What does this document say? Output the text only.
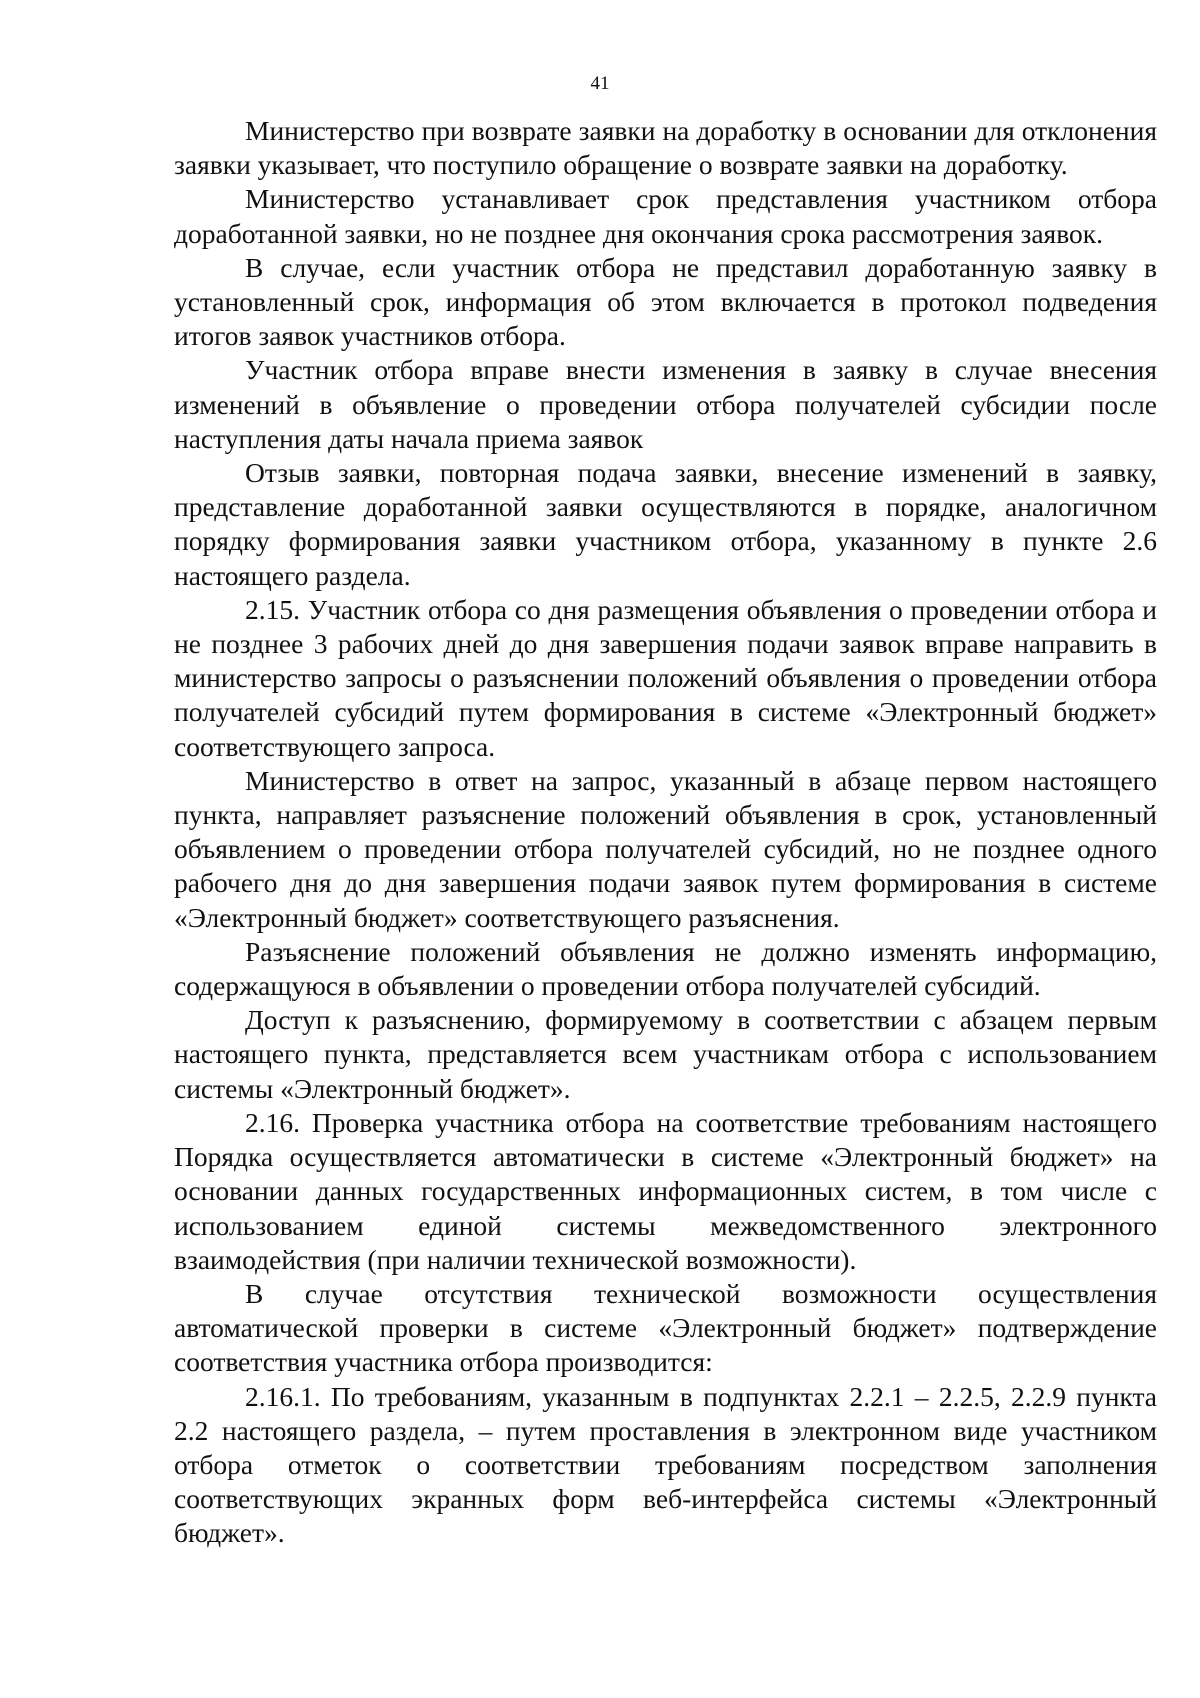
41

Министерство при возврате заявки на доработку в основании для отклонения заявки указывает, что поступило обращение о возврате заявки на доработку.

Министерство устанавливает срок представления участником отбора доработанной заявки, но не позднее дня окончания срока рассмотрения заявок.

В случае, если участник отбора не представил доработанную заявку в установленный срок, информация об этом включается в протокол подведения итогов заявок участников отбора.

Участник отбора вправе внести изменения в заявку в случае внесения изменений в объявление о проведении отбора получателей субсидии после наступления даты начала приема заявок

Отзыв заявки, повторная подача заявки, внесение изменений в заявку, представление доработанной заявки осуществляются в порядке, аналогичном порядку формирования заявки участником отбора, указанному в пункте 2.6 настоящего раздела.

2.15. Участник отбора со дня размещения объявления о проведении отбора и не позднее 3 рабочих дней до дня завершения подачи заявок вправе направить в министерство запросы о разъяснении положений объявления о проведении отбора получателей субсидий путем формирования в системе «Электронный бюджет» соответствующего запроса.

Министерство в ответ на запрос, указанный в абзаце первом настоящего пункта, направляет разъяснение положений объявления в срок, установленный объявлением о проведении отбора получателей субсидий, но не позднее одного рабочего дня до дня завершения подачи заявок путем формирования в системе «Электронный бюджет» соответствующего разъяснения.

Разъяснение положений объявления не должно изменять информацию, содержащуюся в объявлении о проведении отбора получателей субсидий.

Доступ к разъяснению, формируемому в соответствии с абзацем первым настоящего пункта, представляется всем участникам отбора с использованием системы «Электронный бюджет».

2.16. Проверка участника отбора на соответствие требованиям настоящего Порядка осуществляется автоматически в системе «Электронный бюджет» на основании данных государственных информационных систем, в том числе с использованием единой системы межведомственного электронного взаимодействия (при наличии технической возможности).

В случае отсутствия технической возможности осуществления автоматической проверки в системе «Электронный бюджет» подтверждение соответствия участника отбора производится:

2.16.1. По требованиям, указанным в подпунктах 2.2.1 – 2.2.5, 2.2.9 пункта 2.2 настоящего раздела, – путем проставления в электронном виде участником отбора отметок о соответствии требованиям посредством заполнения соответствующих экранных форм веб-интерфейса системы «Электронный бюджет».
